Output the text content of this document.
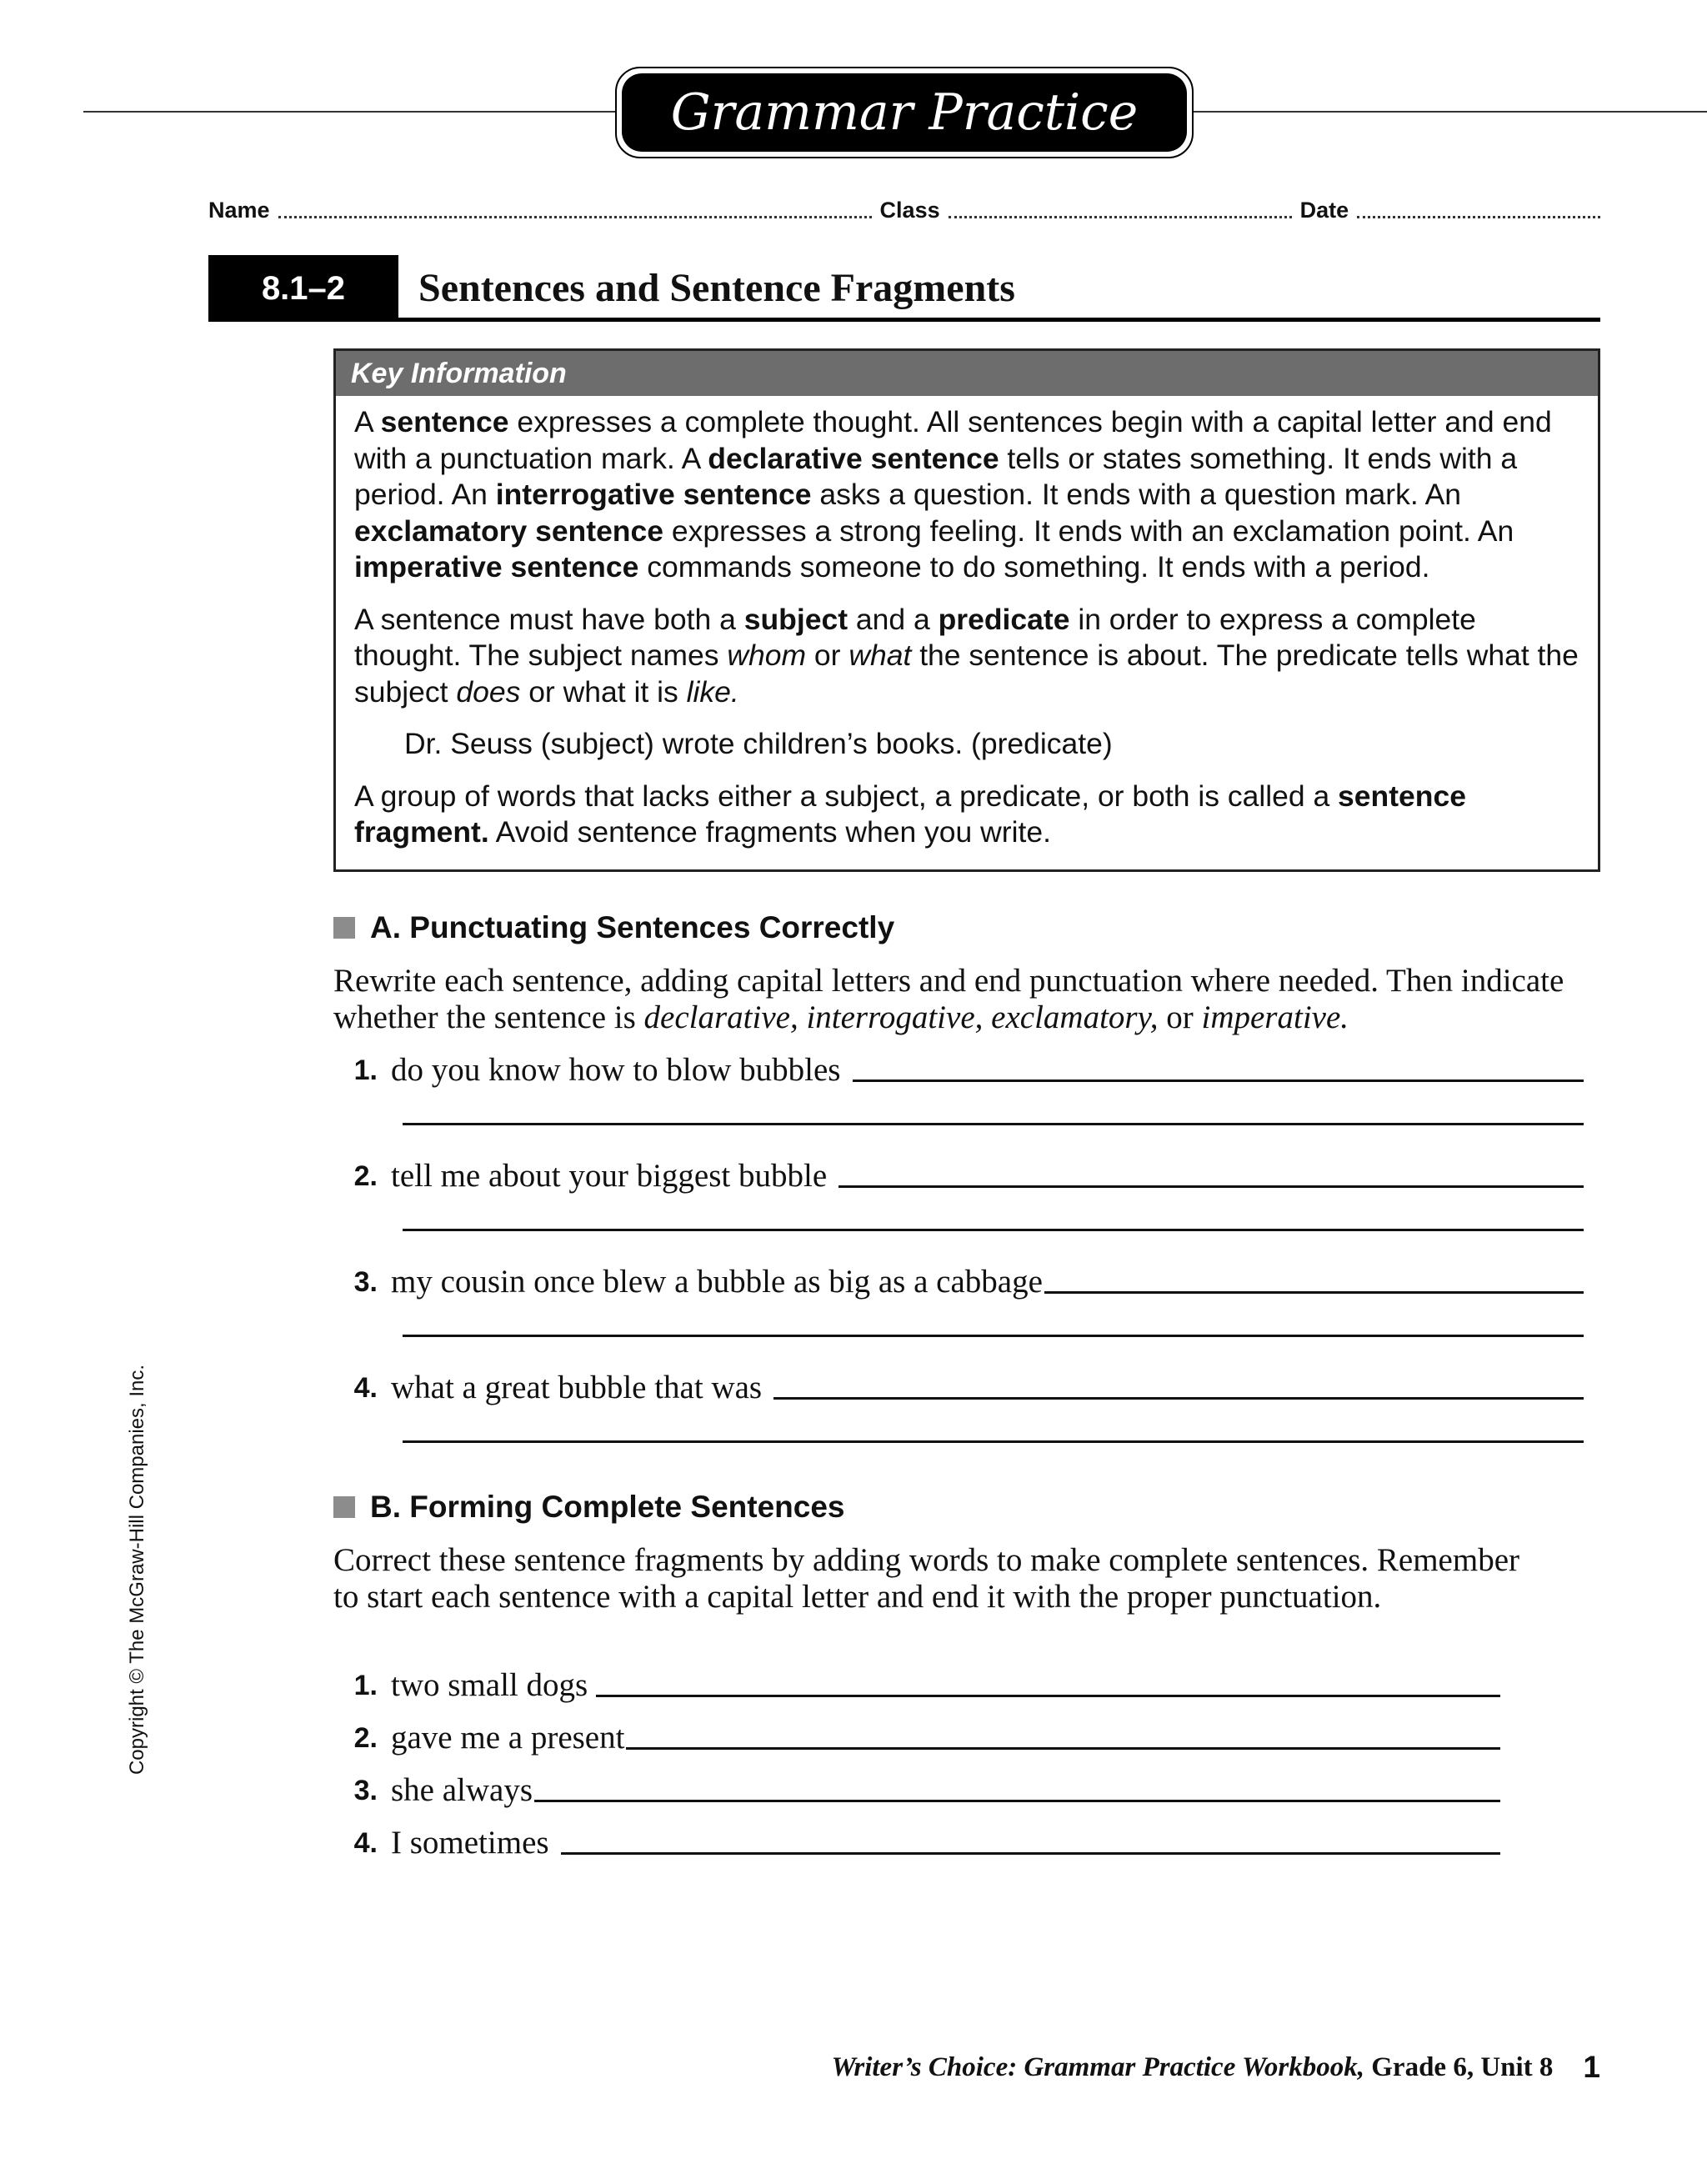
Grammar Practice
Name	Class	Date
8.1–2	Sentences and Sentence Fragments
Key Information

A sentence expresses a complete thought. All sentences begin with a capital letter and end with a punctuation mark. A declarative sentence tells or states something. It ends with a period. An interrogative sentence asks a question. It ends with a question mark. An exclamatory sentence expresses a strong feeling. It ends with an exclamation point. An imperative sentence commands someone to do something. It ends with a period.

A sentence must have both a subject and a predicate in order to express a complete thought. The subject names whom or what the sentence is about. The predicate tells what the subject does or what it is like.

Dr. Seuss (subject) wrote children’s books. (predicate)

A group of words that lacks either a subject, a predicate, or both is called a sentence fragment. Avoid sentence fragments when you write.

A. Punctuating Sentences Correctly
Rewrite each sentence, adding capital letters and end punctuation where needed. Then indicate whether the sentence is declarative, interrogative, exclamatory, or imperative.
1. do you know how to blow bubbles
2. tell me about your biggest bubble
3. my cousin once blew a bubble as big as a cabbage
4. what a great bubble that was
B. Forming Complete Sentences
Correct these sentence fragments by adding words to make complete sentences. Remember to start each sentence with a capital letter and end it with the proper punctuation.
1. two small dogs
2. gave me a present
3. she always
4. I sometimes
Copyright © The McGraw-Hill Companies, Inc.
Writer’s Choice: Grammar Practice Workbook, Grade 6, Unit 8 1
